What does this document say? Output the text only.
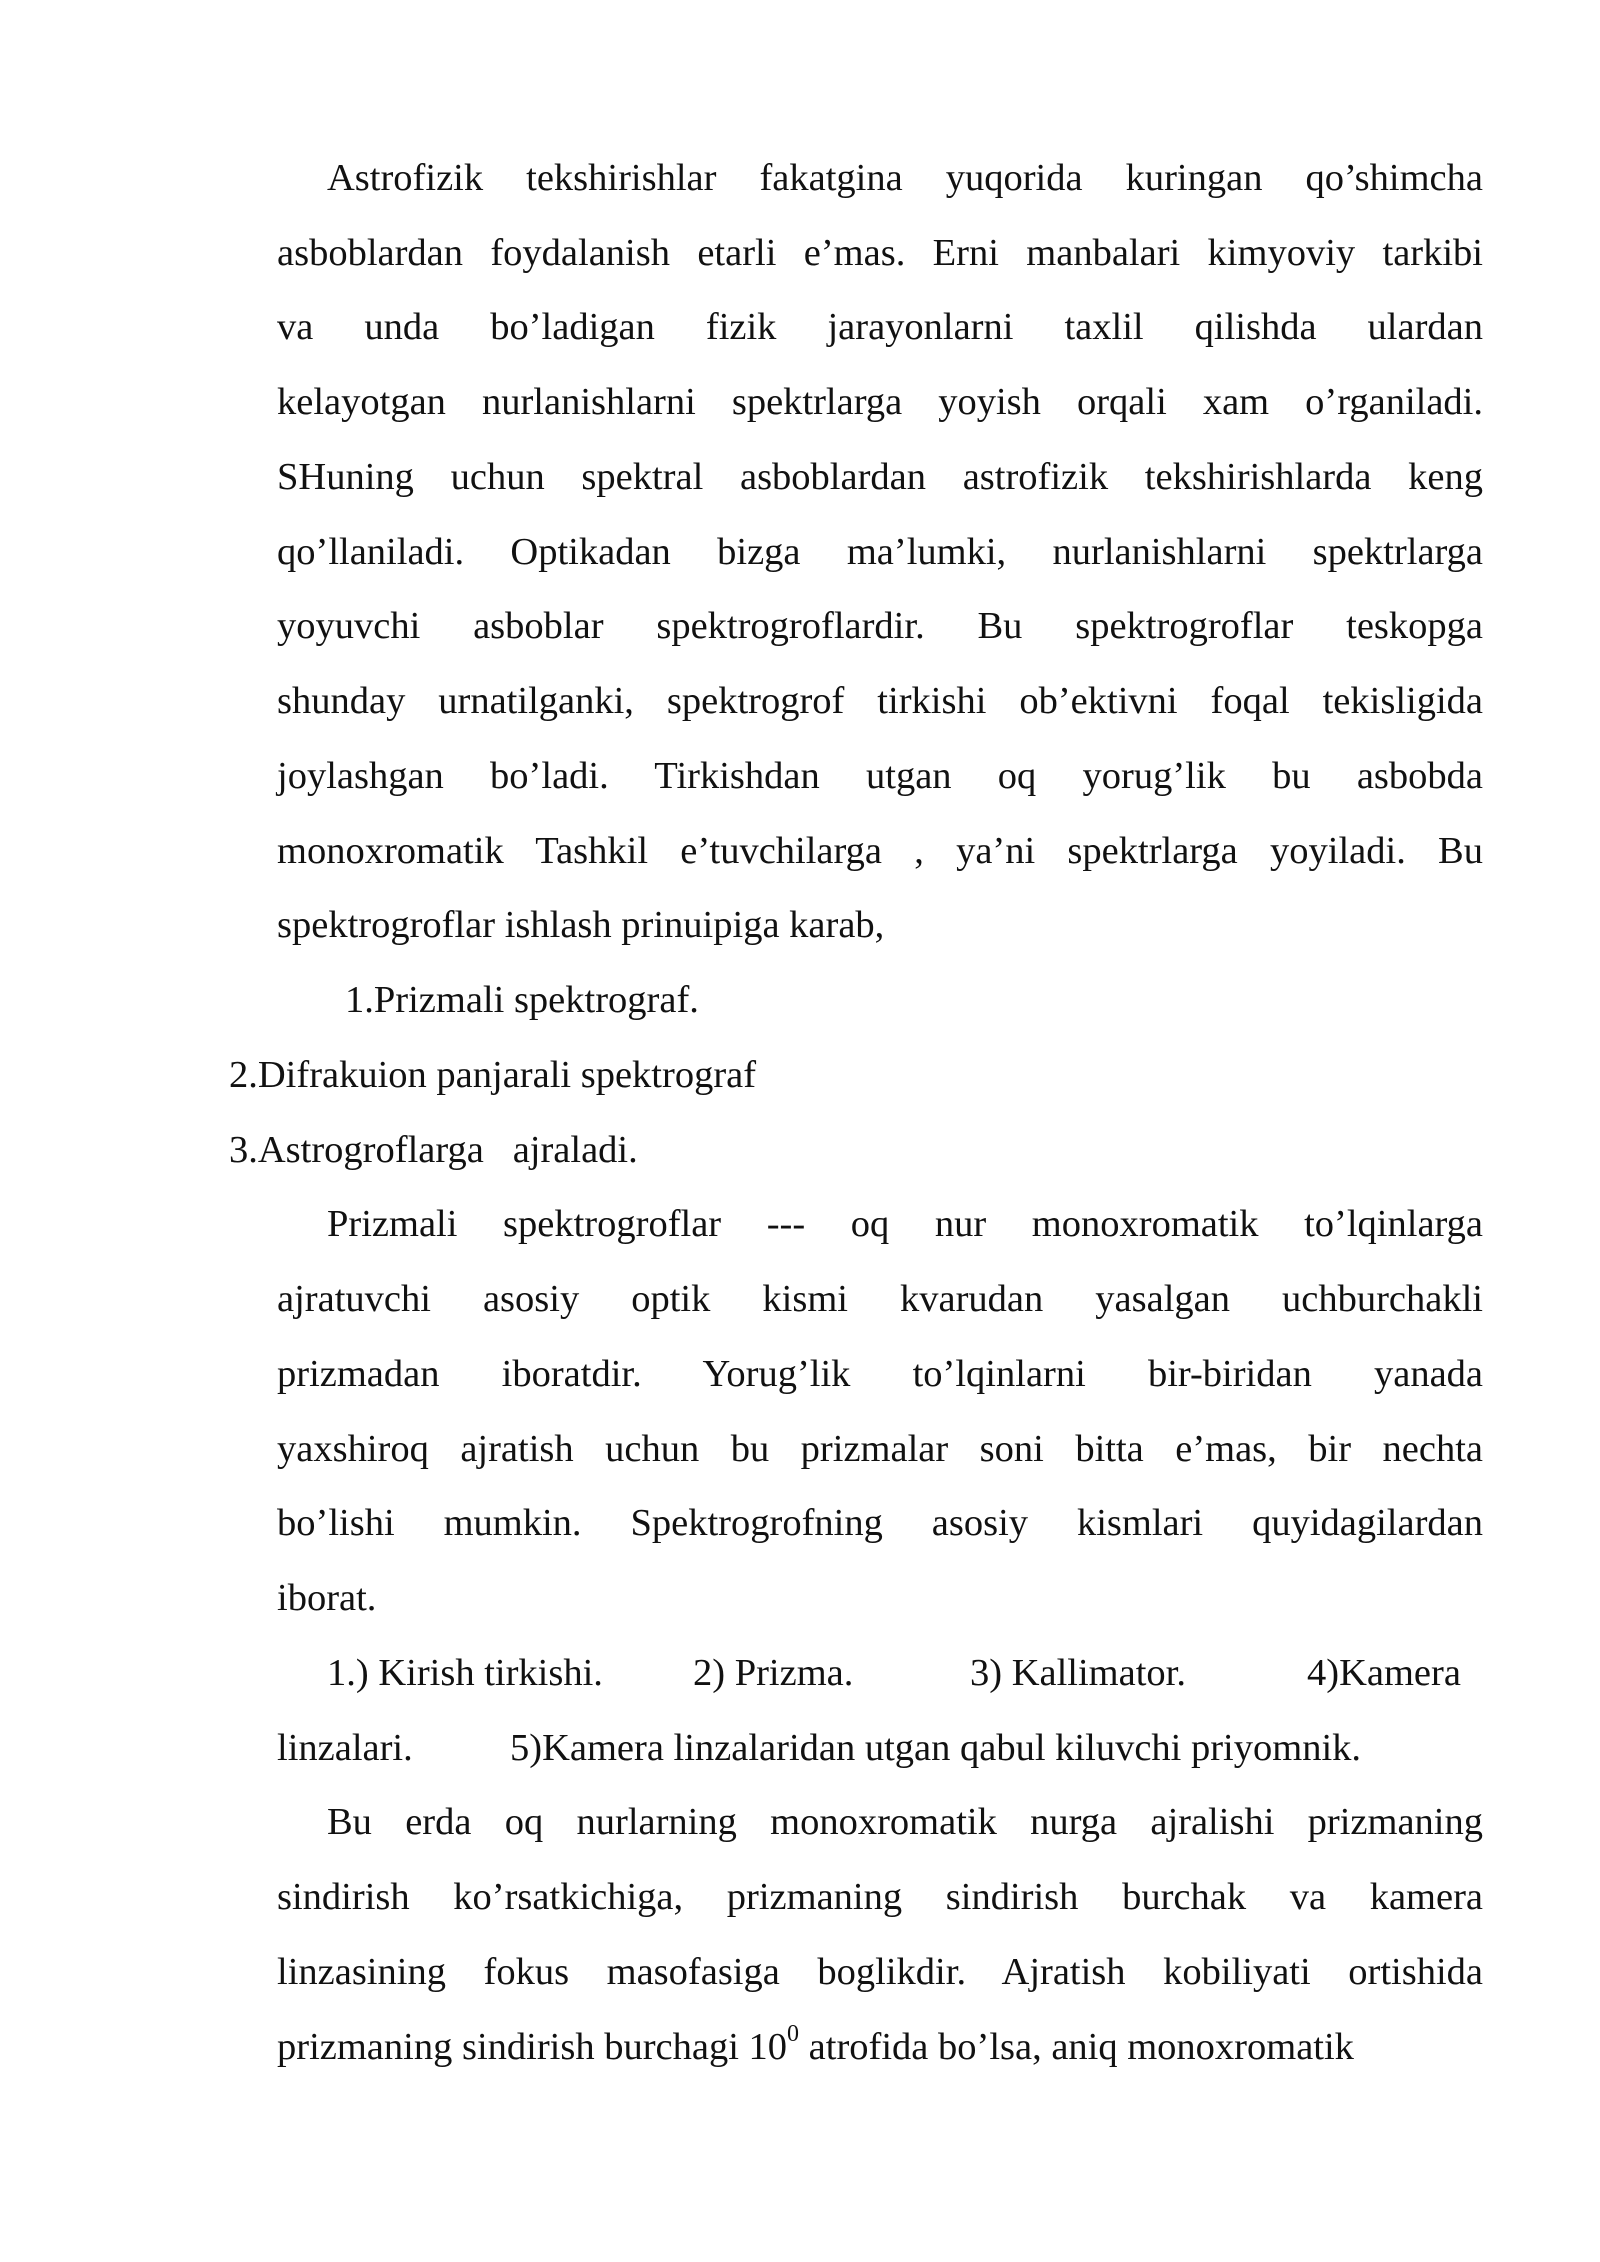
Astrofizik tekshirishlar fakatgina yuqorida kuringan qo’shimcha
asboblardan foydalanish etarli e’mas. Erni manbalari kimyoviy tarkibi
va unda bo’ladigan fizik jarayonlarni taxlil qilishda ulardan
kelayotgan nurlanishlarni spektrlarga yoyish orqali xam o’rganiladi.
SHuning uchun spektral asboblardan astrofizik tekshirishlarda keng
qo’llaniladi. Optikadan bizga ma’lumki, nurlanishlarni spektrlarga
yoyuvchi asboblar spektrogroflardir. Bu spektrogroflar teskopga
shunday urnatilganki, spektrogrof tirkishi ob’ektivni foqal tekisligida
joylashgan bo’ladi. Tirkishdan utgan oq yorug’lik bu asbobda
monoxromatik Tashkil e’tuvchilarga , ya’ni spektrlarga yoyiladi. Bu
spektrogroflar ishlash prinuipiga karab,
1.Prizmali spektrograf.
2.Difrakuion panjarali spektrograf
3.Astrogroflarga   ajraladi.
Prizmali spektrogroflar --- oq nur monoxromatik to’lqinlarga
ajratuvchi asosiy optik kismi kvarudan yasalgan uchburchakli
prizmadan iboratdir. Yorug’lik to’lqinlarni bir-biridan yanada
yaxshiroq ajratish uchun bu prizmalar soni bitta e’mas, bir nechta
bo’lishi mumkin. Spektrogrofning asosiy kismlari quyidagilardan
iborat.
1.) Kirish tirkishi. 2) Prizma.	3) Kallimator.	4)Kamera
linzalari.	5)Kamera linzalaridan utgan qabul kiluvchi priyomnik.
Bu erda oq nurlarning monoxromatik nurga ajralishi prizmaning
sindirish ko’rsatkichiga, prizmaning sindirish burchak va kamera
linzasining fokus masofasiga boglikdir. Ajratish kobiliyati ortishida
prizmaning sindirish burchagi $10^0$ atrofida bo’lsa, aniq monoxromatik
